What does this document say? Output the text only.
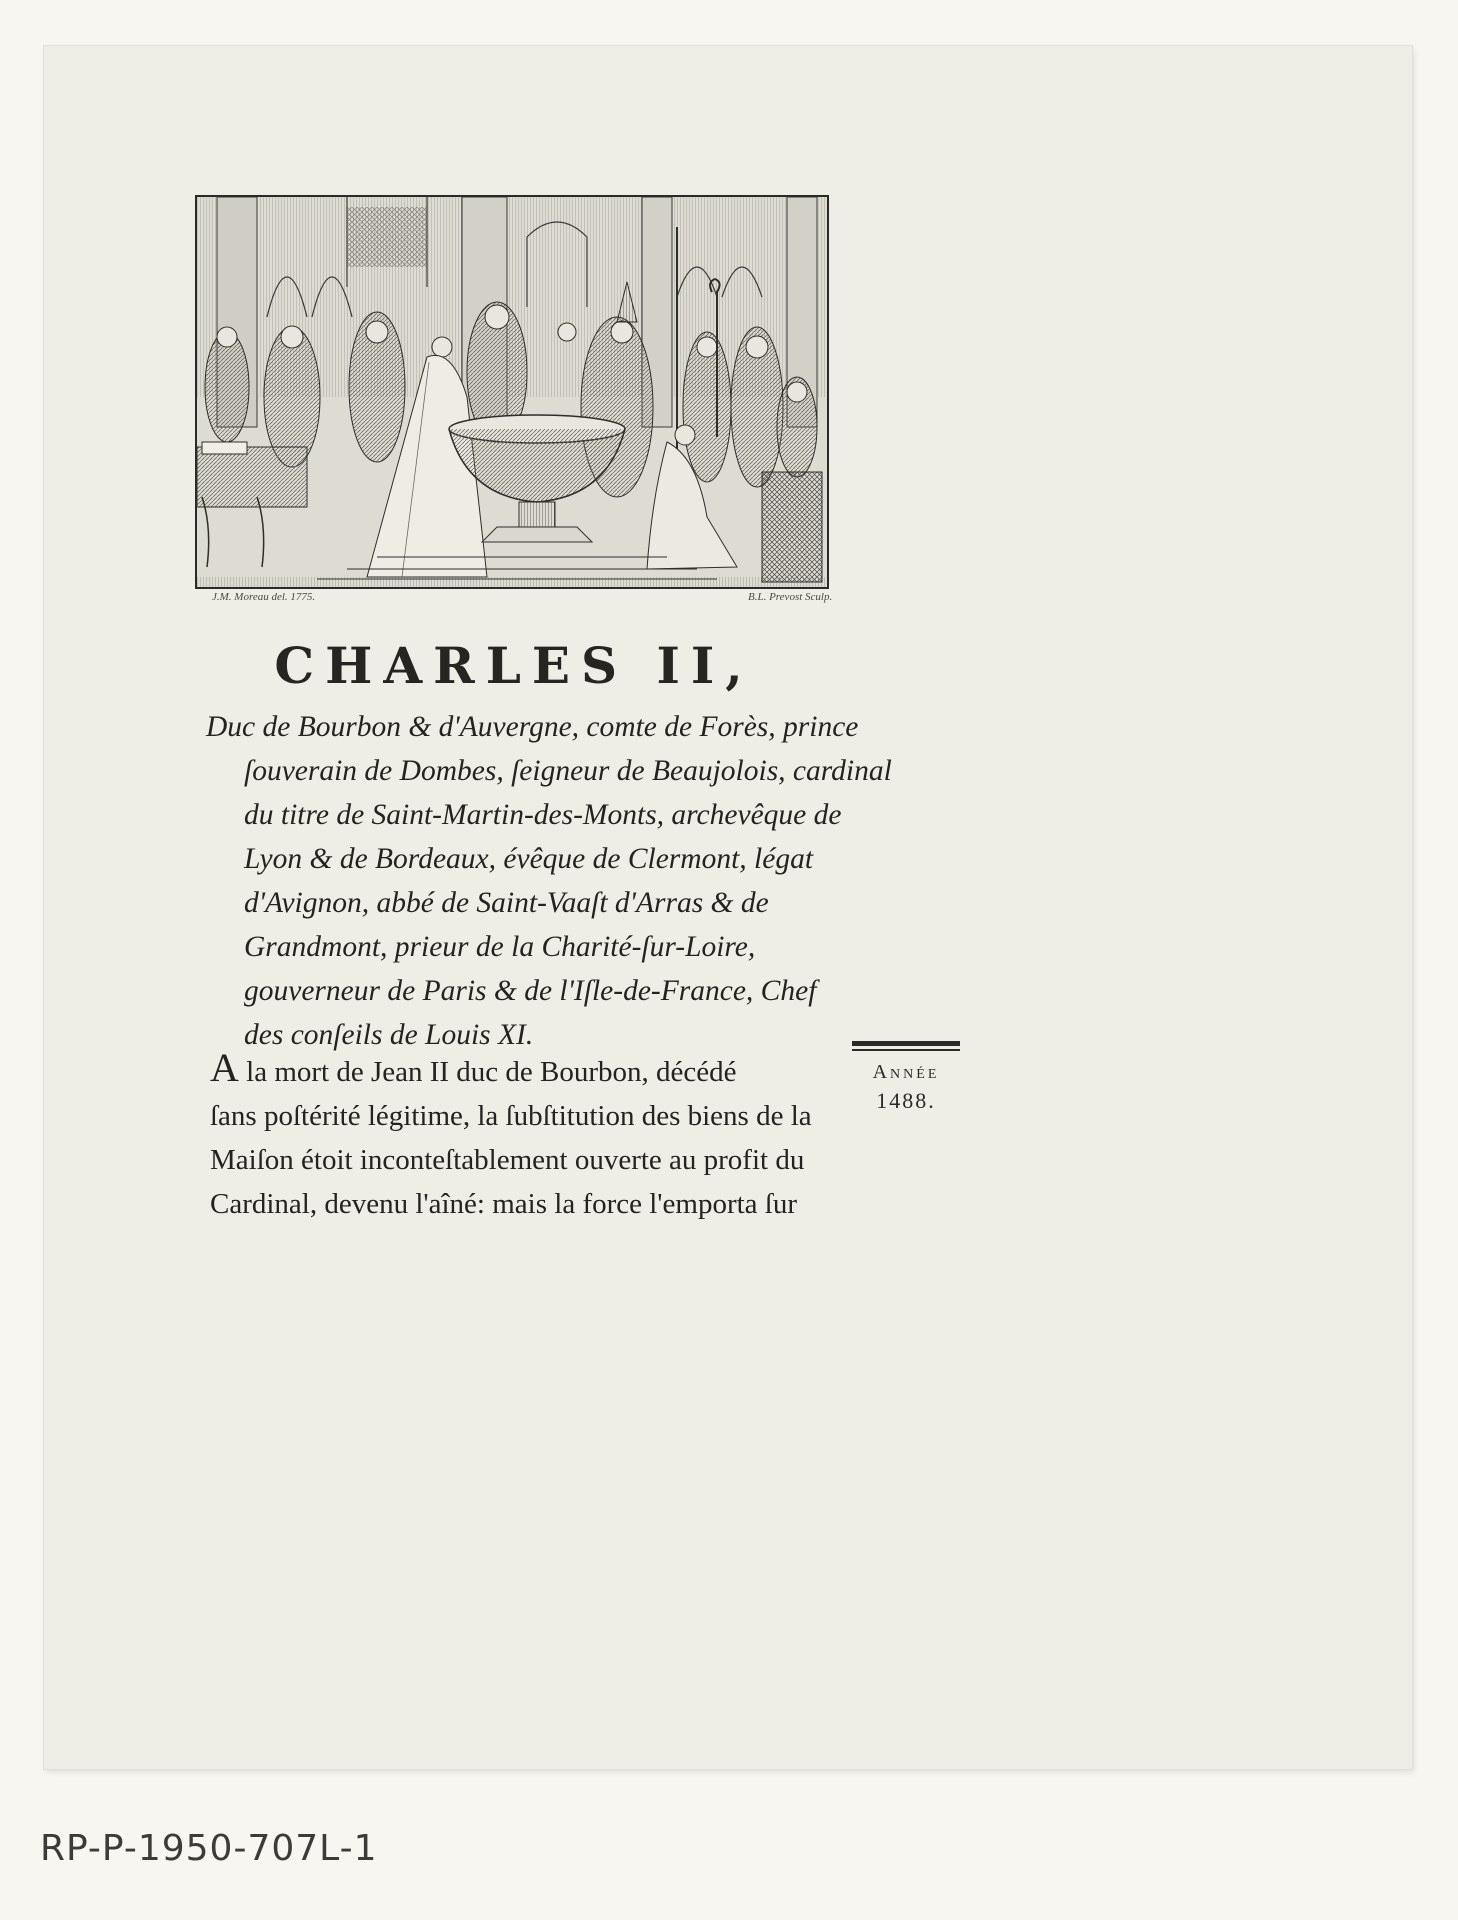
J.M. Moreau del. 1775.	B.L. Prevost Sculp.
CHARLES II,
Duc de Bourbon & d'Auvergne, comte de Forès, prince
ſouverain de Dombes, ſeigneur de Beaujolois, cardinal
du titre de Saint-Martin-des-Monts, archevêque de
Lyon & de Bordeaux, évêque de Clermont, légat
d'Avignon, abbé de Saint-Vaaſt d'Arras & de
Grandmont, prieur de la Charité-ſur-Loire,
gouverneur de Paris & de l'Iſle-de-France, Chef
des conſeils de Louis XI.
A la mort de Jean II duc de Bourbon, décédé
ſans poſtérité légitime, la ſubſtitution des biens de la
Maiſon étoit inconteſtablement ouverte au profit du
Cardinal, devenu l'aîné: mais la force l'emporta ſur
Année
1488.
RP-P-1950-707L-1
